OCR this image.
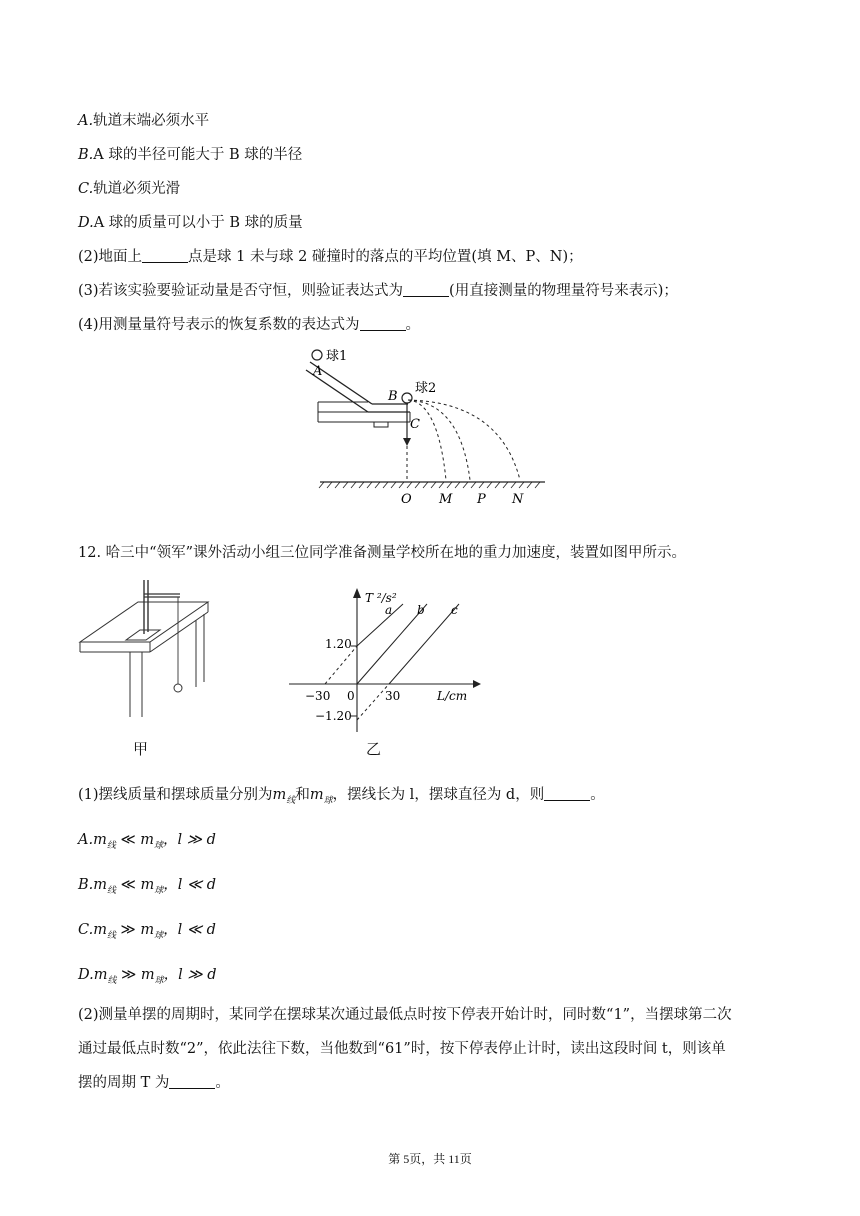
A.轨道末端必须水平
B.A 球的半径可能大于 B 球的半径
C.轨道必须光滑
D.A 球的质量可以小于 B 球的质量
(2)地面上	点是球 1 未与球 2 碰撞时的落点的平均位置(填 M、P、N)；
(3)若该实验要验证动量是否守恒，则验证表达式为	(用直接测量的物理量符号来表示)；
(4)用测量量符号表示的恢复系数的表达式为	。
球1
A
B
球2
C
O M P N
12. 哈三中“领军”课外活动小组三位同学准备测量学校所在地的重力加速度，装置如图甲所示。
甲
T ²/s²
L/cm
1.20
−1.20
−30 0	30
a b c
乙
(1)摆线质量和摆球质量分别为$m_线$和$m_球$，摆线长为 l，摆球直径为 d，则	。
$A.m_线$ ≪ $m_球$，l ≫ d
$B.m_线$ ≪ $m_球$，l ≪ d
$C.m_线$ ≫ $m_球$，l ≪ d
$D.m_线$ ≫ $m_球$，l ≫ d
(2)测量单摆的周期时，某同学在摆球某次通过最低点时按下停表开始计时，同时数“1”，当摆球第二次
通过最低点时数“2”，依此法往下数，当他数到“61”时，按下停表停止计时，读出这段时间 t，则该单
摆的周期 T 为	。
第 5页，共 11页
